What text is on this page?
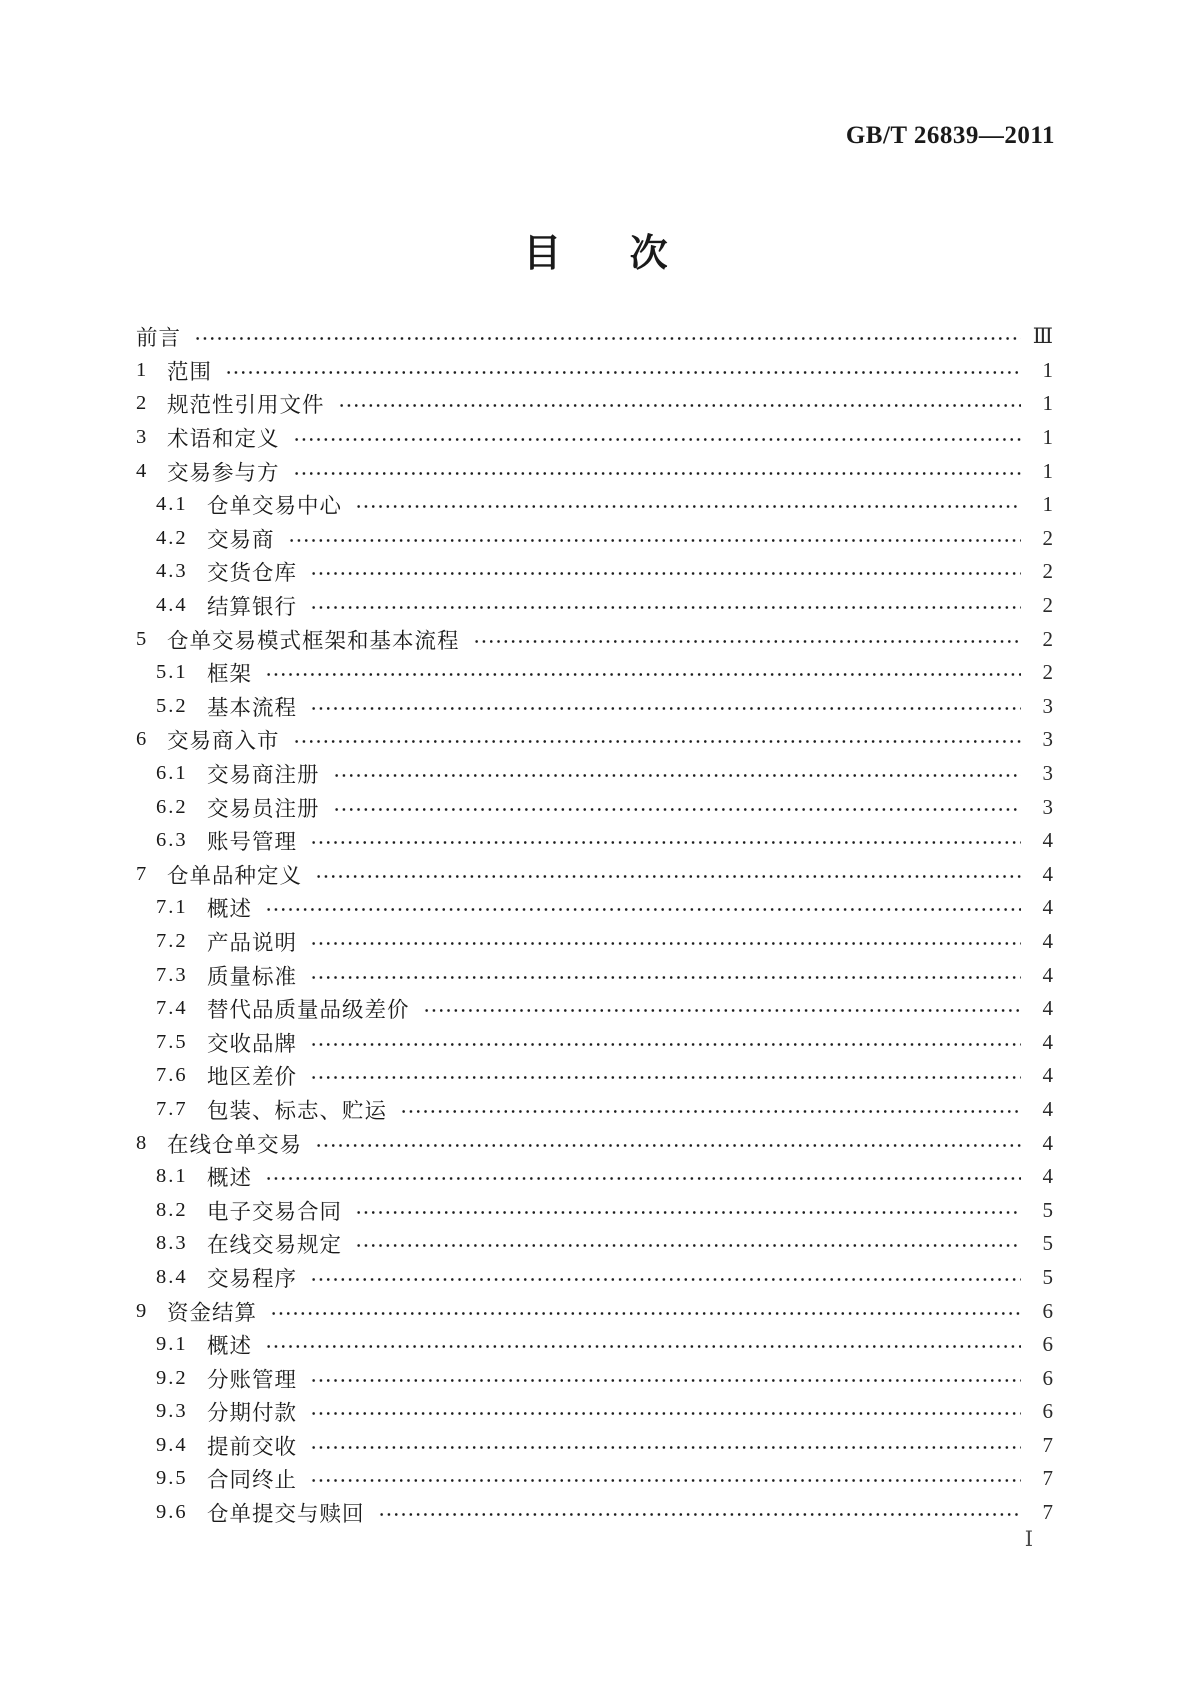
GB/T 26839—2011
目次
前言	Ⅲ
1 范围	1
2 规范性引用文件	1
3 术语和定义	1
4 交易参与方	1
4.1 仓单交易中心	1
4.2 交易商	2
4.3 交货仓库	2
4.4 结算银行	2
5 仓单交易模式框架和基本流程	2
5.1 框架	2
5.2 基本流程	3
6 交易商入市	3
6.1 交易商注册	3
6.2 交易员注册	3
6.3 账号管理	4
7 仓单品种定义	4
7.1 概述	4
7.2 产品说明	4
7.3 质量标准	4
7.4 替代品质量品级差价	4
7.5 交收品牌	4
7.6 地区差价	4
7.7 包装、标志、贮运	4
8 在线仓单交易	4
8.1 概述	4
8.2 电子交易合同	5
8.3 在线交易规定	5
8.4 交易程序	5
9 资金结算	6
9.1 概述	6
9.2 分账管理	6
9.3 分期付款	6
9.4 提前交收	7
9.5 合同终止	7
9.6 仓单提交与赎回	7
Ⅰ
